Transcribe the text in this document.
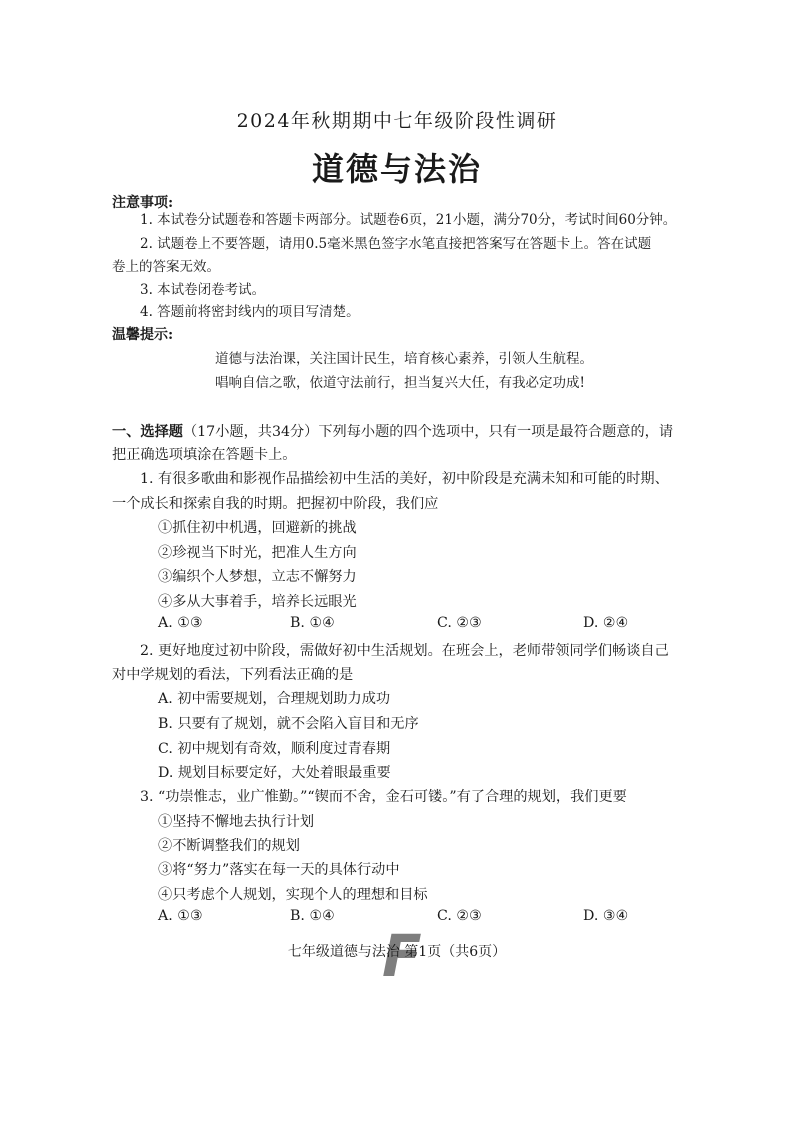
2024年秋期期中七年级阶段性调研
道德与法治
注意事项:
1. 本试卷分试题卷和答题卡两部分。试题卷6页，21小题，满分70分，考试时间60分钟。
2. 试题卷上不要答题，请用0.5毫米黑色签字水笔直接把答案写在答题卡上。答在试题
卷上的答案无效。
3. 本试卷闭卷考试。
4. 答题前将密封线内的项目写清楚。
温馨提示:
道德与法治课，关注国计民生，培育核心素养，引领人生航程。
唱响自信之歌，依道守法前行，担当复兴大任，有我必定功成!
一、选择题（17小题，共34分）下列每小题的四个选项中，只有一项是最符合题意的，请
把正确选项填涂在答题卡上。
1. 有很多歌曲和影视作品描绘初中生活的美好，初中阶段是充满未知和可能的时期、
一个成长和探索自我的时期。把握初中阶段，我们应
①抓住初中机遇，回避新的挑战
②珍视当下时光，把准人生方向
③编织个人梦想，立志不懈努力
④多从大事着手，培养长远眼光
A. ①③	B. ①④	C. ②③	D. ②④
2. 更好地度过初中阶段，需做好初中生活规划。在班会上，老师带领同学们畅谈自己
对中学规划的看法，下列看法正确的是
A. 初中需要规划，合理规划助力成功
B. 只要有了规划，就不会陷入盲目和无序
C. 初中规划有奇效，顺利度过青春期
D. 规划目标要定好，大处着眼最重要
3. “功崇惟志，业广惟勤。”“锲而不舍，金石可镂。”有了合理的规划，我们更要
①坚持不懈地去执行计划
②不断调整我们的规划
③将“努力”落实在每一天的具体行动中
④只考虑个人规划，实现个人的理想和目标
A. ①③	B. ①④	C. ②③	D. ③④
F
七年级道德与法治 第1页（共6页）
